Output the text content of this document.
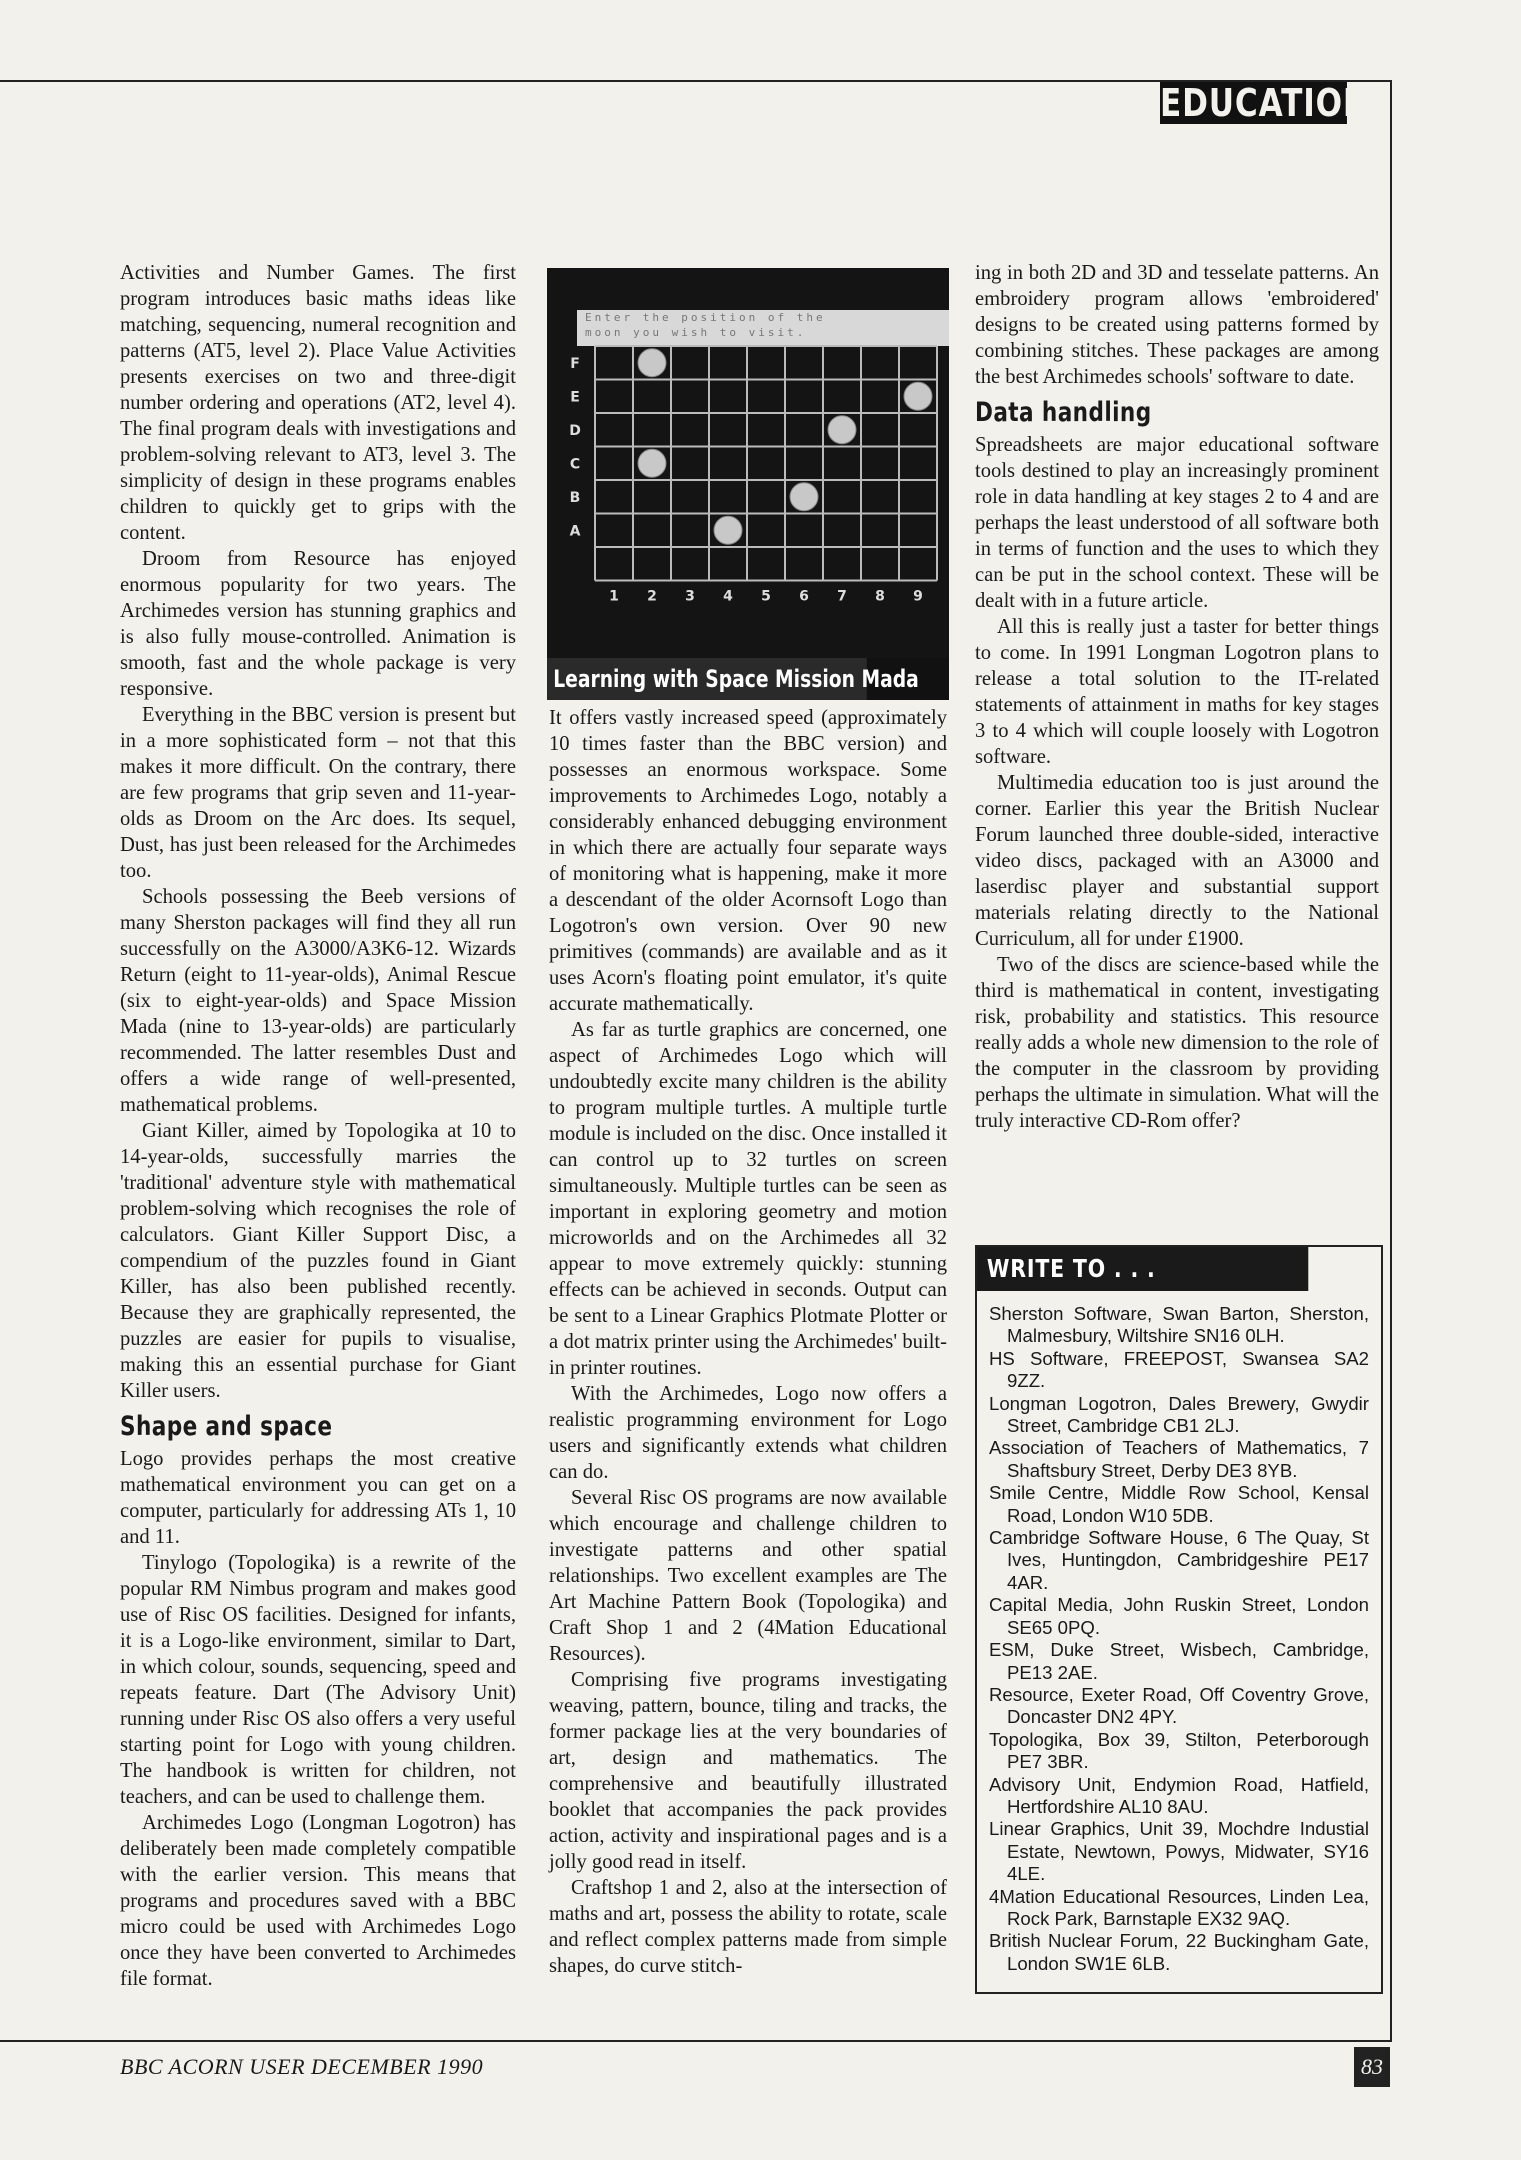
EDUCATION

Activities and Number Games. The first program introduces basic maths ideas like matching, sequencing, numeral recognition and patterns (AT5, level 2). Place Value Activities presents exercises on two and three-digit number ordering and operations (AT2, level 4). The final program deals with investigations and problem-solving relevant to AT3, level 3. The simplicity of design in these programs enables children to quickly get to grips with the content.

Droom from Resource has enjoyed enormous popularity for two years. The Archimedes version has stunning graphics and is also fully mouse-controlled. Animation is smooth, fast and the whole package is very responsive.

Everything in the BBC version is present but in a more sophisticated form – not that this makes it more difficult. On the contrary, there are few programs that grip seven and 11-year-olds as Droom on the Arc does. Its sequel, Dust, has just been released for the Archimedes too.

Schools possessing the Beeb versions of many Sherston packages will find they all run successfully on the A3000/A3K6-12. Wizards Return (eight to 11-year-olds), Animal Rescue (six to eight-year-olds) and Space Mission Mada (nine to 13-year-olds) are particularly recommended. The latter resembles Dust and offers a wide range of well-presented, mathematical problems.

Giant Killer, aimed by Topologika at 10 to 14-year-olds, successfully marries the 'traditional' adventure style with mathematical problem-solving which recognises the role of calculators. Giant Killer Support Disc, a compendium of the puzzles found in Giant Killer, has also been published recently. Because they are graphically represented, the puzzles are easier for pupils to visualise, making this an essential purchase for Giant Killer users.

Shape and space

Logo provides perhaps the most creative mathematical environment you can get on a computer, particularly for addressing ATs 1, 10 and 11.

Tinylogo (Topologika) is a rewrite of the popular RM Nimbus program and makes good use of Risc OS facilities. Designed for infants, it is a Logo-like environment, similar to Dart, in which colour, sounds, sequencing, speed and repeats feature. Dart (The Advisory Unit) running under Risc OS also offers a very useful starting point for Logo with young children. The handbook is written for children, not teachers, and can be used to challenge them.

Archimedes Logo (Longman Logotron) has deliberately been made completely compatible with the earlier version. This means that programs and procedures saved with a BBC micro could be used with Archimedes Logo once they have been converted to Archimedes file format.

Enter the position of the
moon you wish to visit.
F
E
D
C
B
A
1 2 3 4 5 6 7 8 9
Learning with Space Mission Mada

It offers vastly increased speed (approximately 10 times faster than the BBC version) and possesses an enormous workspace. Some improvements to Archimedes Logo, notably a considerably enhanced debugging environment in which there are actually four separate ways of monitoring what is happening, make it more a descendant of the older Acornsoft Logo than Logotron's own version. Over 90 new primitives (commands) are available and as it uses Acorn's floating point emulator, it's quite accurate mathematically.

As far as turtle graphics are concerned, one aspect of Archimedes Logo which will undoubtedly excite many children is the ability to program multiple turtles. A multiple turtle module is included on the disc. Once installed it can control up to 32 turtles on screen simultaneously. Multiple turtles can be seen as important in exploring geometry and motion microworlds and on the Archimedes all 32 appear to move extremely quickly: stunning effects can be achieved in seconds. Output can be sent to a Linear Graphics Plotmate Plotter or a dot matrix printer using the Archimedes' built-in printer routines.

With the Archimedes, Logo now offers a realistic programming environment for Logo users and significantly extends what children can do.

Several Risc OS programs are now available which encourage and challenge children to investigate patterns and other spatial relationships. Two excellent examples are The Art Machine Pattern Book (Topologika) and Craft Shop 1 and 2 (4Mation Educational Resources).

Comprising five programs investigating weaving, pattern, bounce, tiling and tracks, the former package lies at the very boundaries of art, design and mathematics. The comprehensive and beautifully illustrated booklet that accompanies the pack provides action, activity and inspirational pages and is a jolly good read in itself.

Craftshop 1 and 2, also at the intersection of maths and art, possess the ability to rotate, scale and reflect complex patterns made from simple shapes, do curve stitch-

ing in both 2D and 3D and tesselate patterns. An embroidery program allows 'embroidered' designs to be created using patterns formed by combining stitches. These packages are among the best Archimedes schools' software to date.

Data handling

Spreadsheets are major educational software tools destined to play an increasingly prominent role in data handling at key stages 2 to 4 and are perhaps the least understood of all software both in terms of function and the uses to which they can be put in the school context. These will be dealt with in a future article.

All this is really just a taster for better things to come. In 1991 Longman Logotron plans to release a total solution to the IT-related statements of attainment in maths for key stages 3 to 4 which will couple loosely with Logotron software.

Multimedia education too is just around the corner. Earlier this year the British Nuclear Forum launched three double-sided, interactive video discs, packaged with an A3000 and laserdisc player and substantial support materials relating directly to the National Curriculum, all for under £1900.

Two of the discs are science-based while the third is mathematical in content, investigating risk, probability and statistics. This resource really adds a whole new dimension to the role of the computer in the classroom by providing perhaps the ultimate in simulation. What will the truly interactive CD-Rom offer?

WRITE TO . . .
Sherston Software, Swan Barton, Sherston, Malmesbury, Wiltshire SN16 0LH.
HS Software, FREEPOST, Swansea SA2 9ZZ.
Longman Logotron, Dales Brewery, Gwydir Street, Cambridge CB1 2LJ.
Association of Teachers of Mathematics, 7 Shaftsbury Street, Derby DE3 8YB.
Smile Centre, Middle Row School, Kensal Road, London W10 5DB.
Cambridge Software House, 6 The Quay, St Ives, Huntingdon, Cambridgeshire PE17 4AR.
Capital Media, John Ruskin Street, London SE65 0PQ.
ESM, Duke Street, Wisbech, Cambridge, PE13 2AE.
Resource, Exeter Road, Off Coventry Grove, Doncaster DN2 4PY.
Topologika, Box 39, Stilton, Peterborough PE7 3BR.
Advisory Unit, Endymion Road, Hatfield, Hertfordshire AL10 8AU.
Linear Graphics, Unit 39, Mochdre Industial Estate, Newtown, Powys, Midwater, SY16 4LE.
4Mation Educational Resources, Linden Lea, Rock Park, Barnstaple EX32 9AQ.
British Nuclear Forum, 22 Buckingham Gate, London SW1E 6LB.
BBC ACORN USER DECEMBER 1990	83
